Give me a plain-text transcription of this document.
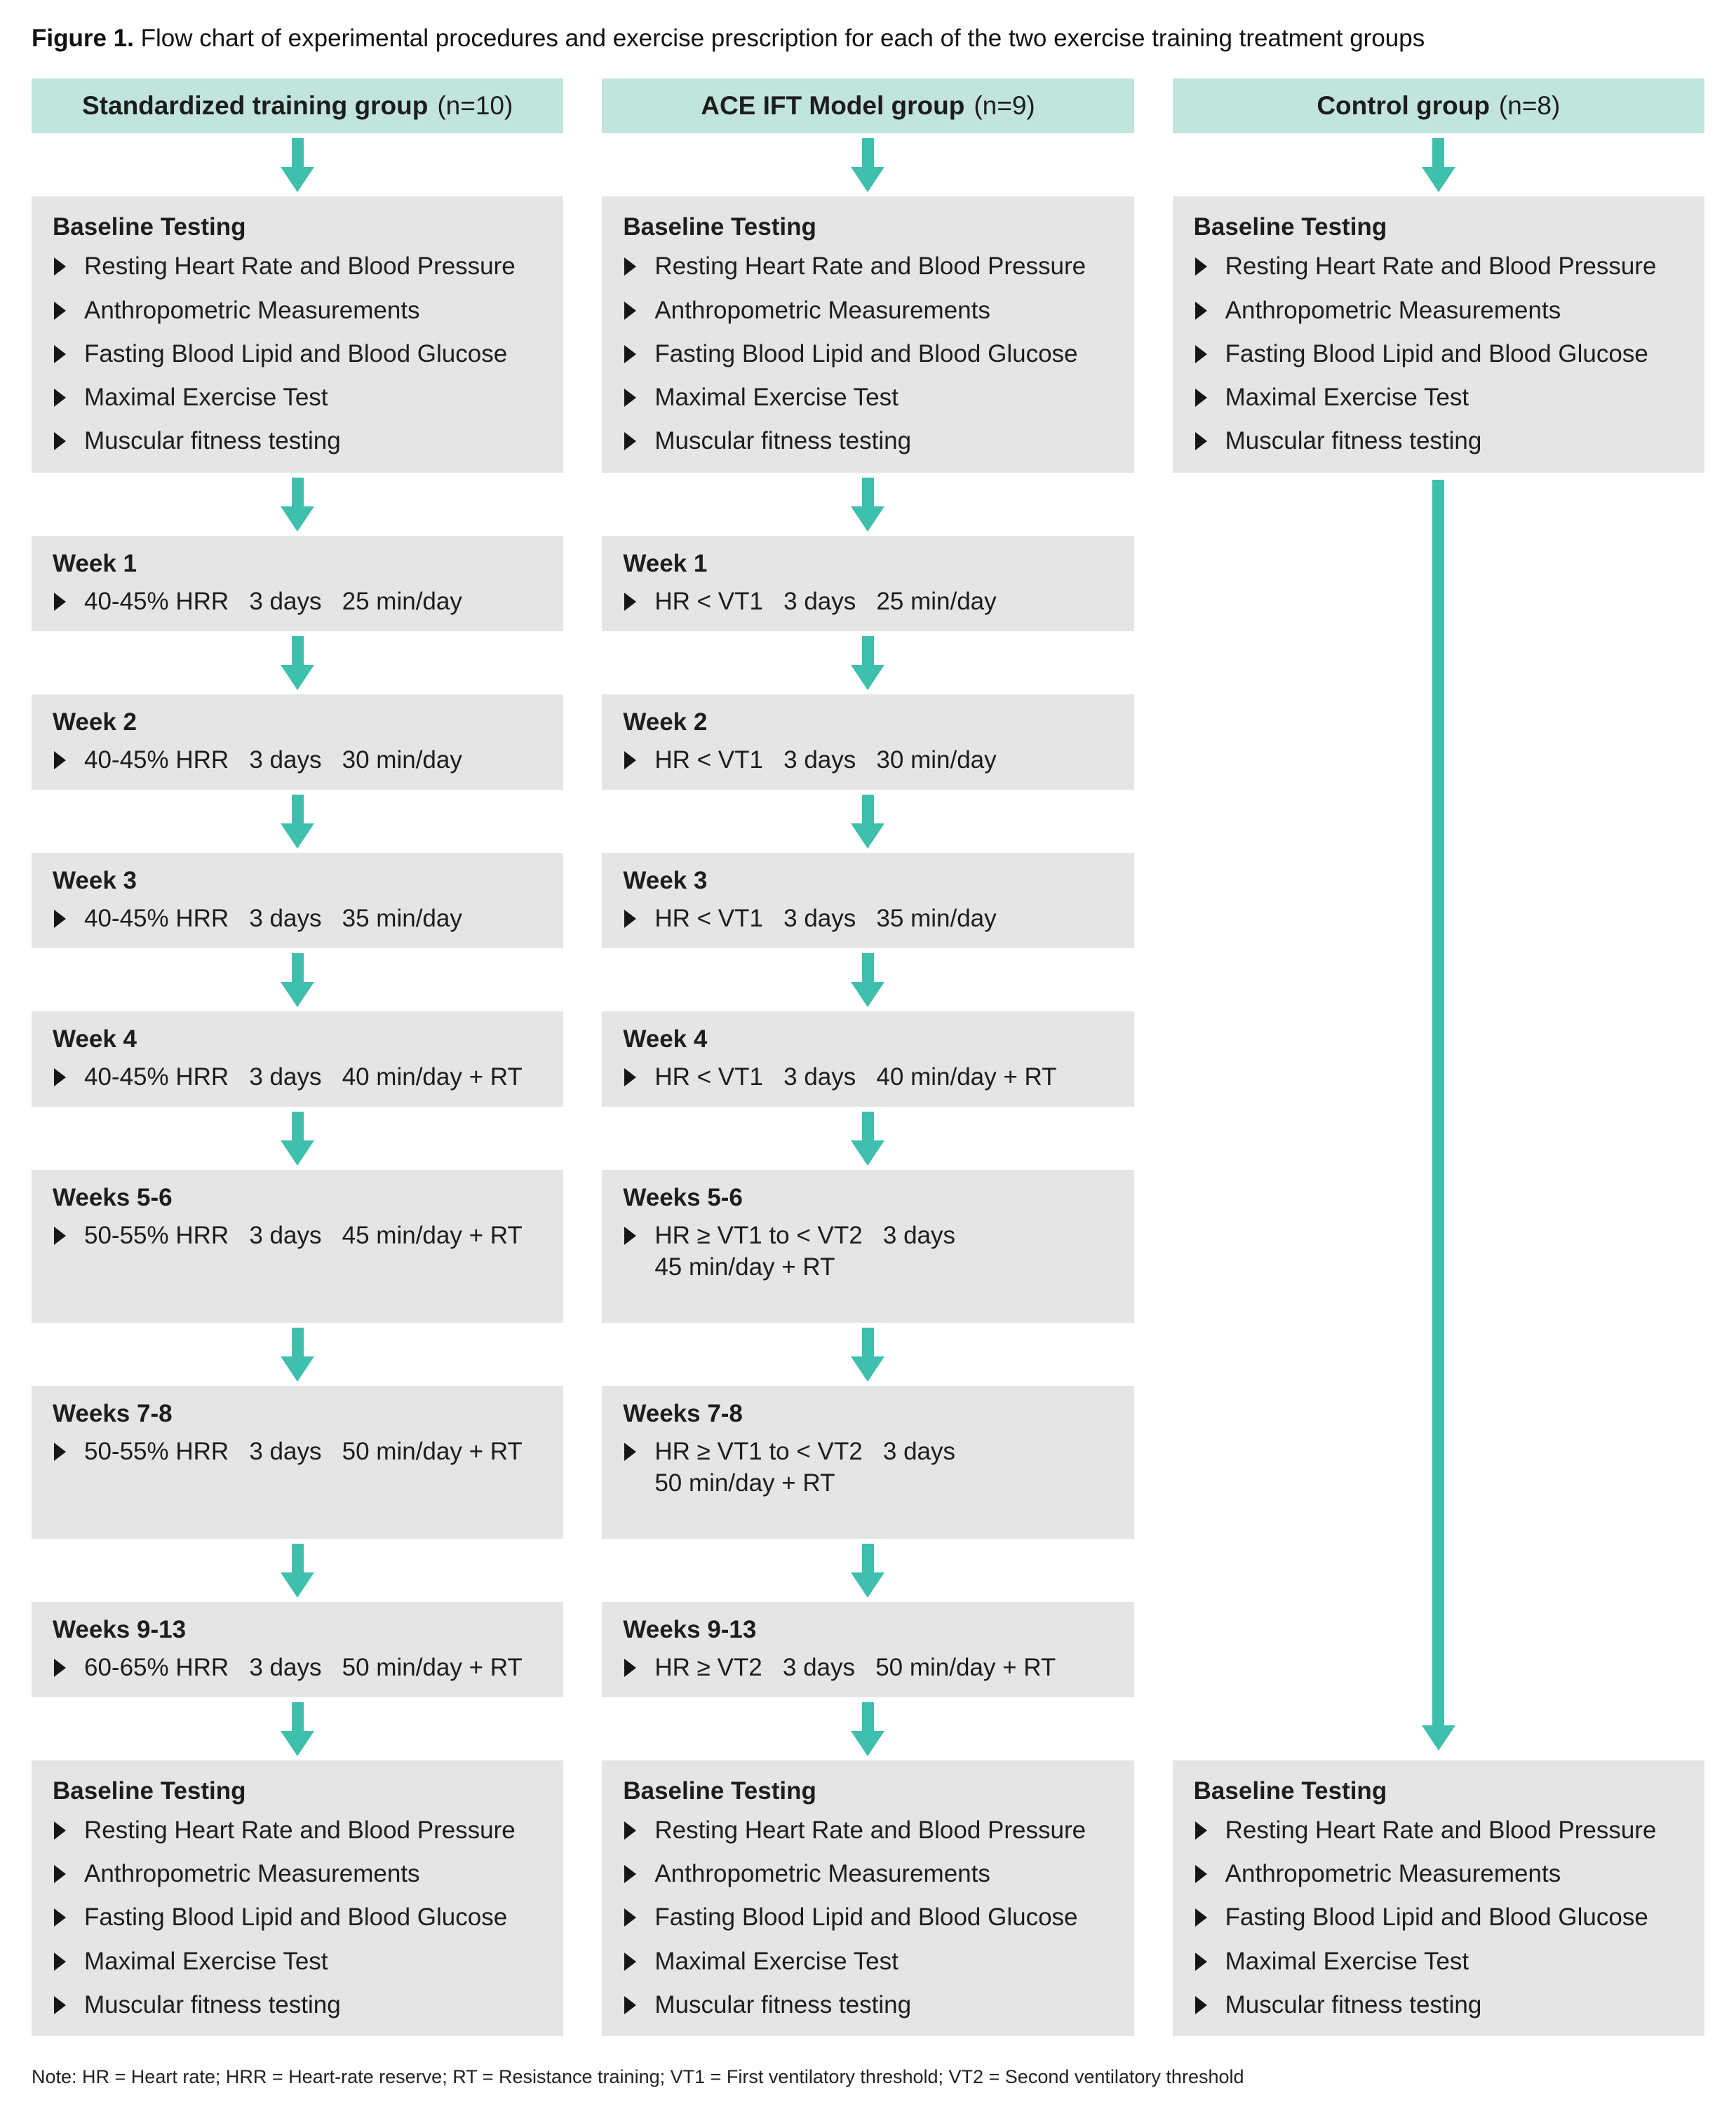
Figure 1. Flow chart of experimental procedures and exercise prescription for each of the two exercise training treatment groups
Standardized training group (n=10)
Baseline Testing
Resting Heart Rate and Blood Pressure
Anthropometric Measurements
Fasting Blood Lipid and Blood Glucose
Maximal Exercise Test
Muscular fitness testing
Week 1
40-45% HRR   3 days   25 min/day
Week 2
40-45% HRR   3 days   30 min/day
Week 3
40-45% HRR   3 days   35 min/day
Week 4
40-45% HRR   3 days   40 min/day + RT
Weeks 5-6
50-55% HRR   3 days   45 min/day + RT
Weeks 7-8
50-55% HRR   3 days   50 min/day + RT
Weeks 9-13
60-65% HRR   3 days   50 min/day + RT
Baseline Testing
Resting Heart Rate and Blood Pressure
Anthropometric Measurements
Fasting Blood Lipid and Blood Glucose
Maximal Exercise Test
Muscular fitness testing
ACE IFT Model group (n=9)
Baseline Testing
Resting Heart Rate and Blood Pressure
Anthropometric Measurements
Fasting Blood Lipid and Blood Glucose
Maximal Exercise Test
Muscular fitness testing
Week 1
HR < VT1   3 days   25 min/day
Week 2
HR < VT1   3 days   30 min/day
Week 3
HR < VT1   3 days   35 min/day
Week 4
HR < VT1   3 days   40 min/day + RT
Weeks 5-6
HR ≥ VT1 to < VT2   3 days
45 min/day + RT
Weeks 7-8
HR ≥ VT1 to < VT2   3 days
50 min/day + RT
Weeks 9-13
HR ≥ VT2   3 days   50 min/day + RT
Baseline Testing
Resting Heart Rate and Blood Pressure
Anthropometric Measurements
Fasting Blood Lipid and Blood Glucose
Maximal Exercise Test
Muscular fitness testing
Control group (n=8)
Baseline Testing
Resting Heart Rate and Blood Pressure
Anthropometric Measurements
Fasting Blood Lipid and Blood Glucose
Maximal Exercise Test
Muscular fitness testing
Baseline Testing
Resting Heart Rate and Blood Pressure
Anthropometric Measurements
Fasting Blood Lipid and Blood Glucose
Maximal Exercise Test
Muscular fitness testing
Note: HR = Heart rate; HRR = Heart-rate reserve; RT = Resistance training; VT1 = First ventilatory threshold; VT2 = Second ventilatory threshold
